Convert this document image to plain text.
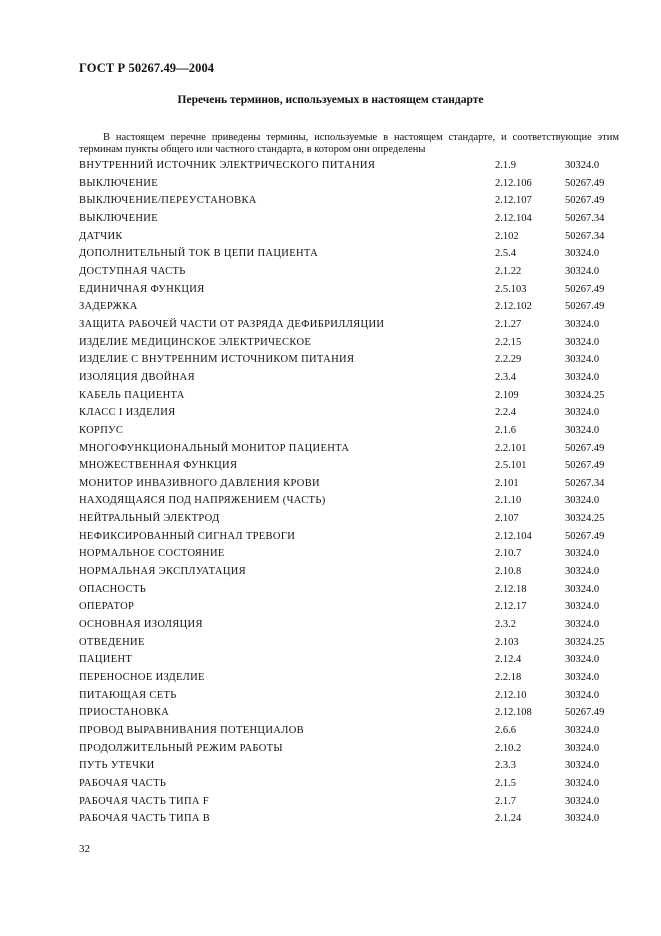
ГОСТ Р 50267.49—2004
Перечень терминов, используемых в настоящем стандарте

В настоящем перечне приведены термины, используемые в настоящем стандарте, и соответствующие этим терминам пункты общего или частного стандарта, в котором они определены

ВНУТРЕННИЙ ИСТОЧНИК ЭЛЕКТРИЧЕСКОГО ПИТАНИЯ	2.1.9	30324.0
ВЫКЛЮЧЕНИЕ	2.12.106	50267.49
ВЫКЛЮЧЕНИЕ/ПЕРЕУСТАНОВКА	2.12.107	50267.49
ВЫКЛЮЧЕНИЕ	2.12.104	50267.34
ДАТЧИК	2.102	50267.34
ДОПОЛНИТЕЛЬНЫЙ ТОК В ЦЕПИ ПАЦИЕНТА	2.5.4	30324.0
ДОСТУПНАЯ ЧАСТЬ	2.1.22	30324.0
ЕДИНИЧНАЯ ФУНКЦИЯ	2.5.103	50267.49
ЗАДЕРЖКА	2.12.102	50267.49
ЗАЩИТА РАБОЧЕЙ ЧАСТИ ОТ РАЗРЯДА ДЕФИБРИЛЛЯЦИИ	2.1.27	30324.0
ИЗДЕЛИЕ МЕДИЦИНСКОЕ ЭЛЕКТРИЧЕСКОЕ	2.2.15	30324.0
ИЗДЕЛИЕ С ВНУТРЕННИМ ИСТОЧНИКОМ ПИТАНИЯ	2.2.29	30324.0
ИЗОЛЯЦИЯ ДВОЙНАЯ	2.3.4	30324.0
КАБЕЛЬ ПАЦИЕНТА	2.109	30324.25
КЛАСС I ИЗДЕЛИЯ	2.2.4	30324.0
КОРПУС	2.1.6	30324.0
МНОГОФУНКЦИОНАЛЬНЫЙ МОНИТОР ПАЦИЕНТА	2.2.101	50267.49
МНОЖЕСТВЕННАЯ ФУНКЦИЯ	2.5.101	50267.49
МОНИТОР ИНВАЗИВНОГО ДАВЛЕНИЯ КРОВИ	2.101	50267.34
НАХОДЯЩАЯСЯ ПОД НАПРЯЖЕНИЕМ (ЧАСТЬ)	2.1.10	30324.0
НЕЙТРАЛЬНЫЙ ЭЛЕКТРОД	2.107	30324.25
НЕФИКСИРОВАННЫЙ СИГНАЛ ТРЕВОГИ	2.12.104	50267.49
НОРМАЛЬНОЕ СОСТОЯНИЕ	2.10.7	30324.0
НОРМАЛЬНАЯ ЭКСПЛУАТАЦИЯ	2.10.8	30324.0
ОПАСНОСТЬ	2.12.18	30324.0
ОПЕРАТОР	2.12.17	30324.0
ОСНОВНАЯ ИЗОЛЯЦИЯ	2.3.2	30324.0
ОТВЕДЕНИЕ	2.103	30324.25
ПАЦИЕНТ	2.12.4	30324.0
ПЕРЕНОСНОЕ ИЗДЕЛИЕ	2.2.18	30324.0
ПИТАЮЩАЯ СЕТЬ	2.12.10	30324.0
ПРИОСТАНОВКА	2.12.108	50267.49
ПРОВОД ВЫРАВНИВАНИЯ ПОТЕНЦИАЛОВ	2.6.6	30324.0
ПРОДОЛЖИТЕЛЬНЫЙ РЕЖИМ РАБОТЫ	2.10.2	30324.0
ПУТЬ УТЕЧКИ	2.3.3	30324.0
РАБОЧАЯ ЧАСТЬ	2.1.5	30324.0
РАБОЧАЯ ЧАСТЬ ТИПА F	2.1.7	30324.0
РАБОЧАЯ ЧАСТЬ ТИПА B	2.1.24	30324.0
32
